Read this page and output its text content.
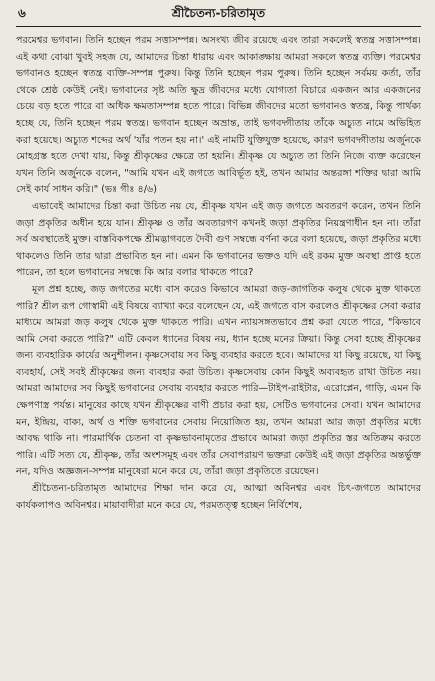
৬	শ্রীচৈতন্য-চরিতামৃত

পরমেশ্বর ভগবান। তিনি হচ্ছেন পরম সত্তাসম্পন্ন। অসংখ্য জীব রয়েছে এবং তারা সকলেই স্বতন্ত্র সত্তাসম্পন্ন। এই কথা বোঝা খুবই সহজ যে, আমাদের চিন্তা ধারায় এবং আকাঙ্ক্ষায় আমরা সকলে স্বতন্ত্র ব্যক্তি। পরমেশ্বর ভগবানও হচ্ছেন স্বতন্ত্র ব্যক্তি-সম্পন্ন পুরুষ। কিন্তু তিনি হচ্ছেন পরম পুরুষ। তিনি হচ্ছেন সর্বময় কর্তা, তাঁর থেকে শ্রেষ্ঠ কেউই নেই। ভগবানের সৃষ্ট অতি ক্ষুদ্র জীবদের মধ্যে যোগ্যতা বিচারে একজন আর একজনের চেয়ে বড় হতে পারে বা অধিক ক্ষমতাসম্পন্ন হতে পারে। বিভিন্ন জীবদের মতো ভগবানও স্বতন্ত্র, কিন্তু পার্থক্য হচ্ছে যে, তিনি হচ্ছেন পরম স্বতন্ত্র। ভগবান হচ্ছেন অভ্রান্ত, তাই ভগবদ্গীতায় তাঁকে অচ্যুত নামে অভিহিত করা হয়েছে। অচ্যুত শব্দের অর্থ 'যাঁর পতন হয় না।' এই নামটি যুক্তিযুক্ত হয়েছে, কারণ ভগবদ্গীতায় অর্জুনকে মোহগ্রস্ত হতে দেখা যায়, কিন্তু শ্রীকৃষ্ণের ক্ষেত্রে তা হয়নি। শ্রীকৃষ্ণ যে অচ্যুত তা তিনি নিজে ব্যক্ত করেছেন যখন তিনি অর্জুনকে বলেন, "আমি যখন এই জগতে আবির্ভূত হই, তখন আমার অন্তরঙ্গা শক্তির দ্বারা আমি সেই কার্য সাধন করি।" (ভঃ গীঃ ৪/৬)

এভাবেই আমাদের চিন্তা করা উচিত নয় যে, শ্রীকৃষ্ণ যখন এই জড় জগতে অবতরণ করেন, তখন তিনি জড়া প্রকৃতির অধীন হয়ে যান। শ্রীকৃষ্ণ ও তাঁর অবতারগণ কখনই জড়া প্রকৃতির নিয়ন্ত্রণাধীন হন না। তাঁরা সর্ব অবস্থাতেই মুক্ত। বাস্তবিকপক্ষে শ্রীমদ্ভাগবতে দৈবী গুণ সম্বন্ধে বর্ণনা করে বলা হয়েছে, জড়া প্রকৃতির মধ্যে থাকলেও তিনি তার দ্বারা প্রভাবিত হন না। এমন কি ভগবানের ভক্তও যদি এই রকম মুক্ত অবস্থা প্রাপ্ত হতে পারেন, তা হলে ভগবানের সম্বন্ধে কি আর বলার থাকতে পারে?

মূল প্রশ্ন হচ্ছে, জড় জগতের মধ্যে বাস করেও কিভাবে আমরা জড়-জাগতিক কলুষ থেকে মুক্ত থাকতে পারি? শ্রীল রূপ গোস্বামী এই বিষয়ে ব্যাখ্যা করে বলেছেন যে, এই জগতে বাস করলেও শ্রীকৃষ্ণের সেবা করার মাধ্যমে আমরা জড় কলুষ থেকে মুক্ত থাকতে পারি। এখন ন্যায়সঙ্গতভাবে প্রশ্ন করা যেতে পারে, "কিভাবে আমি সেবা করতে পারি?" এটি কেবল ধ্যানের বিষয় নয়, ধ্যান হচ্ছে মনের ক্রিয়া। কিন্তু সেবা হচ্ছে শ্রীকৃষ্ণের জন্য ব্যবহারিক কার্যের অনুশীলন। কৃষ্ণসেবায় সব কিছু ব্যবহার করতে হবে। আমাদের যা কিছু রয়েছে, যা কিছু ব্যবহার্য, সেই সবই শ্রীকৃষ্ণের জন্য ব্যবহার করা উচিত। কৃষ্ণসেবায় কোন কিছুই অব্যবহৃত রাখা উচিত নয়। আমরা আমাদের সব কিছুই ভগবানের সেবায় ব্যবহার করতে পারি—টাইপ-রাইটার, এরোপ্লেন, গাড়ি, এমন কি ক্ষেপণাস্ত্র পর্যন্ত। মানুষের কাছে যখন শ্রীকৃষ্ণের বাণী প্রচার করা হয়, সেটিও ভগবানের সেবা। যখন আমাদের মন, ইন্দ্রিয়, বাক্য, অর্থ ও শক্তি ভগবানের সেবায় নিয়োজিত হয়, তখন আমরা আর জড়া প্রকৃতির মধ্যে আবদ্ধ থাকি না। পারমার্থিক চেতনা বা কৃষ্ণভাবনামৃতের প্রভাবে আমরা জড়া প্রকৃতির স্তর অতিক্রম করতে পারি। এটি সত্য যে, শ্রীকৃষ্ণ, তাঁর অংশসমূহ এবং তাঁর সেবাপরায়ণ ভক্তরা কেউই এই জড়া প্রকৃতির অন্তর্ভুক্ত নন, যদিও অজ্ঞজন-সম্পন্ন মানুষেরা মনে করে যে, তাঁরা জড়া প্রকৃতিতে রয়েছেন।

শ্রীচৈতন্য-চরিতামৃত আমাদের শিক্ষা দান করে যে, আত্মা অবিনশ্বর এবং চিৎ-জগতে আমাদের কার্যকলাপও অবিনশ্বর। মায়াবাদীরা মনে করে যে, পরমতত্ত্ব হচ্ছেন নির্বিশেষ,
